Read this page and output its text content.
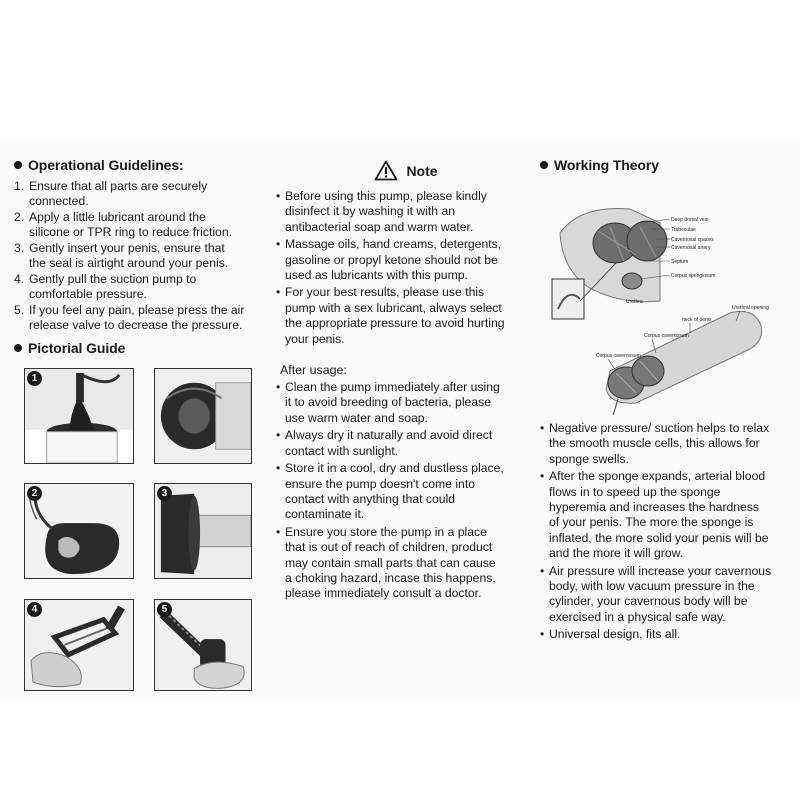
Operational Guidelines:
1. Ensure that all parts are securely
connected.
2. Apply a little lubricant around the
silicone or TPR ring to reduce friction.
3. Gently insert your penis, ensure that
the seal is airtight around your penis.
4. Gently pull the suction pump to
comfortable pressure.
5. If you feel any pain, please press the air
release valve to decrease the pressure.
Pictorial Guide
1
2	3
4	5
Note
• Before using this pump, please kindly
disinfect it by washing it with an
antibacterial soap and warm water.
• Massage oils, hand creams, detergents,
gasoline or propyl ketone should not be
used as lubricants with this pump.
• For your best results, please use this
pump with a sex lubricant, always select
the appropriate pressure to avoid hurting
your penis.
After usage:
• Clean the pump immediately after using
it to avoid breeding of bacteria, please
use warm water and soap.
• Always dry it naturally and avoid direct
contact with sunlight.
• Store it in a cool, dry and dustless place,
ensure the pump doesn't come into
contact with anything that could
contaminate it.
• Ensure you store the pump in a place
that is out of reach of children, product
may contain small parts that can cause
a choking hazard, incase this happens,
please immediately consult a doctor.
Working Theory
Deep dorsal vein
Trabeculae
Cavernosal spaces
Cavernosal artery
Septum
Corpus spongiosum
Urethra
neck of penis
Urethral opening
Corpus cavernosum
Corpus cavernosum
• Negative pressure/ suction helps to relax
the smooth muscle cells, this allows for
sponge swells.
• After the sponge expands, arterial blood
flows in to speed up the sponge
hyperemia and increases the hardness
of your penis. The more the sponge is
inflated, the more solid your penis will be
and the more it will grow.
• Air pressure will increase your cavernous
body, with low vacuum pressure in the
cylinder, your cavernous body will be
exercised in a physical safe way.
• Universal design, fits all.
